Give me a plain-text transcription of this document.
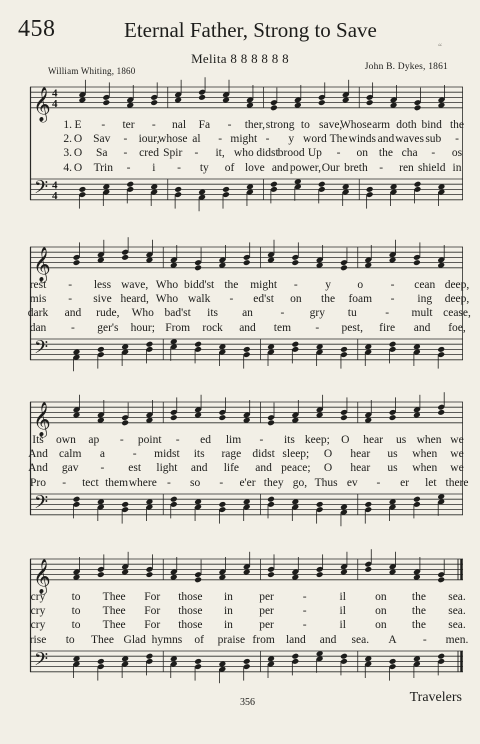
458	Eternal Father, Strong to Save
“
Melita 8 8 8 8 8 8
William Whiting, 1860	John B. Dykes, 1861
𝄞
𝄢
4
4
4
4
1. E - ter - nal Fa - ther, strong to save,
Whose arm doth bind the
2. O Sav - iour,
whose al - might - y word The winds and waves sub -
3. O Sa - cred Spir - it, who didst brood Up - on the cha - os
4. O Trin - i - ty of love and power, Our breth - ren shield in
𝄞
𝄢
rest - less wave, Who bidd'st the might - y o - cean deep,
mis - sive heard, Who walk - ed'st on the foam - ing deep,
dark and rude, Who bad'st its an - gry tu - mult cease,
dan - ger's hour; From rock and tem - pest, fire and foe,
𝄞
𝄢
Its own ap - point - ed lim - its keep; O hear us when we
And calm a - midst its rage didst sleep; O hear us when we
And gav - est light and life and peace; O hear us when we
Pro - tect them where - so - e'er they go, Thus ev - er let there
𝄞
𝄢
cry to Thee For those in per	-	il	on the sea.
cry to Thee For those in per	-	il	on the sea.
cry to Thee For those in per	-	il	on the sea.
rise to Thee Glad hymns of praise from land and sea. A - men.
356	Travelers
